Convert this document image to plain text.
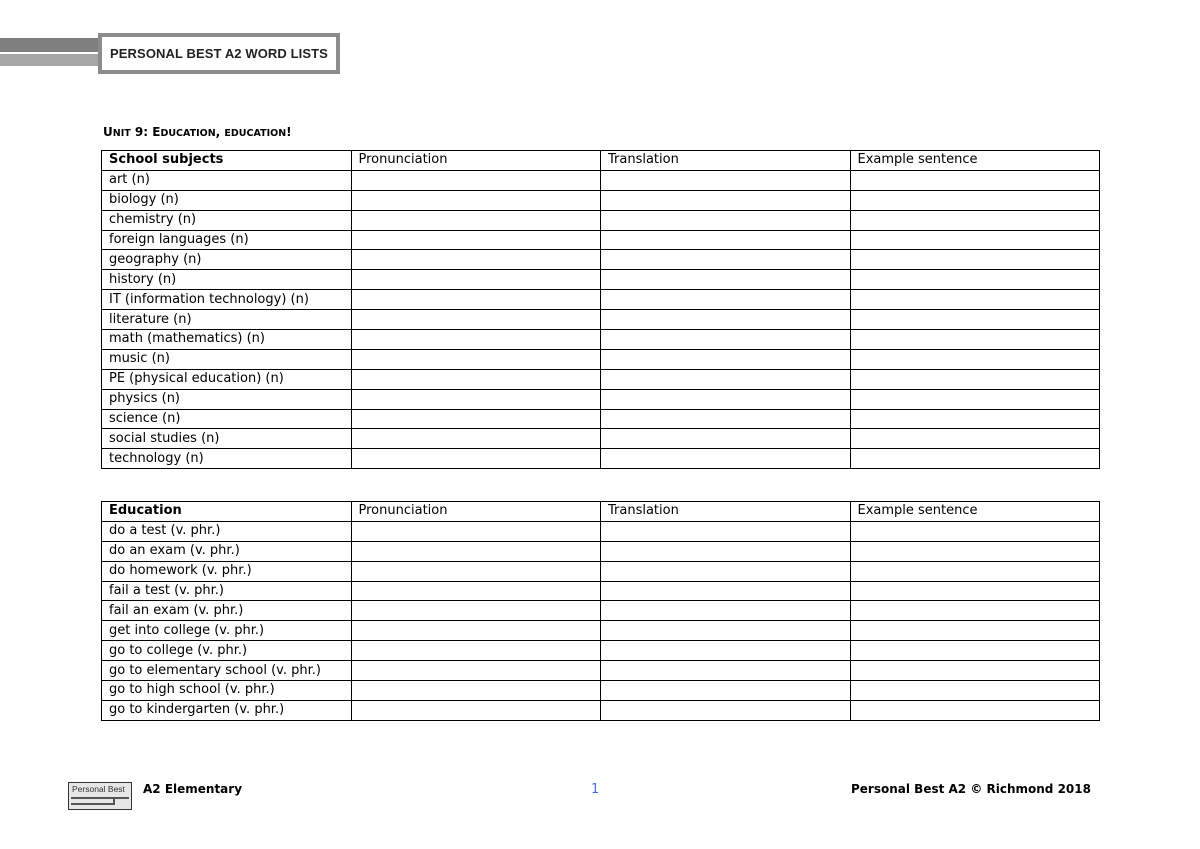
PERSONAL BEST A2 WORD LISTS
UNIT 9: EDUCATION, EDUCATION!
School subjects	Pronunciation	Translation	Example sentence
art (n)			
biology (n)			
chemistry (n)			
foreign languages (n)			
geography (n)			
history (n)			
IT (information technology) (n)			
literature (n)			
math (mathematics) (n)			
music (n)			
PE (physical education) (n)			
physics (n)			
science (n)			
social studies (n)			
technology (n)			
Education	Pronunciation	Translation	Example sentence
do a test (v. phr.)			
do an exam (v. phr.)			
do homework (v. phr.)			
fail a test (v. phr.)			
fail an exam (v. phr.)			
get into college (v. phr.)			
go to college (v. phr.)			
go to elementary school (v. phr.)			
go to high school (v. phr.)			
go to kindergarten (v. phr.)			
Personal Best A2 Elementary	1	Personal Best A2 © Richmond 2018
